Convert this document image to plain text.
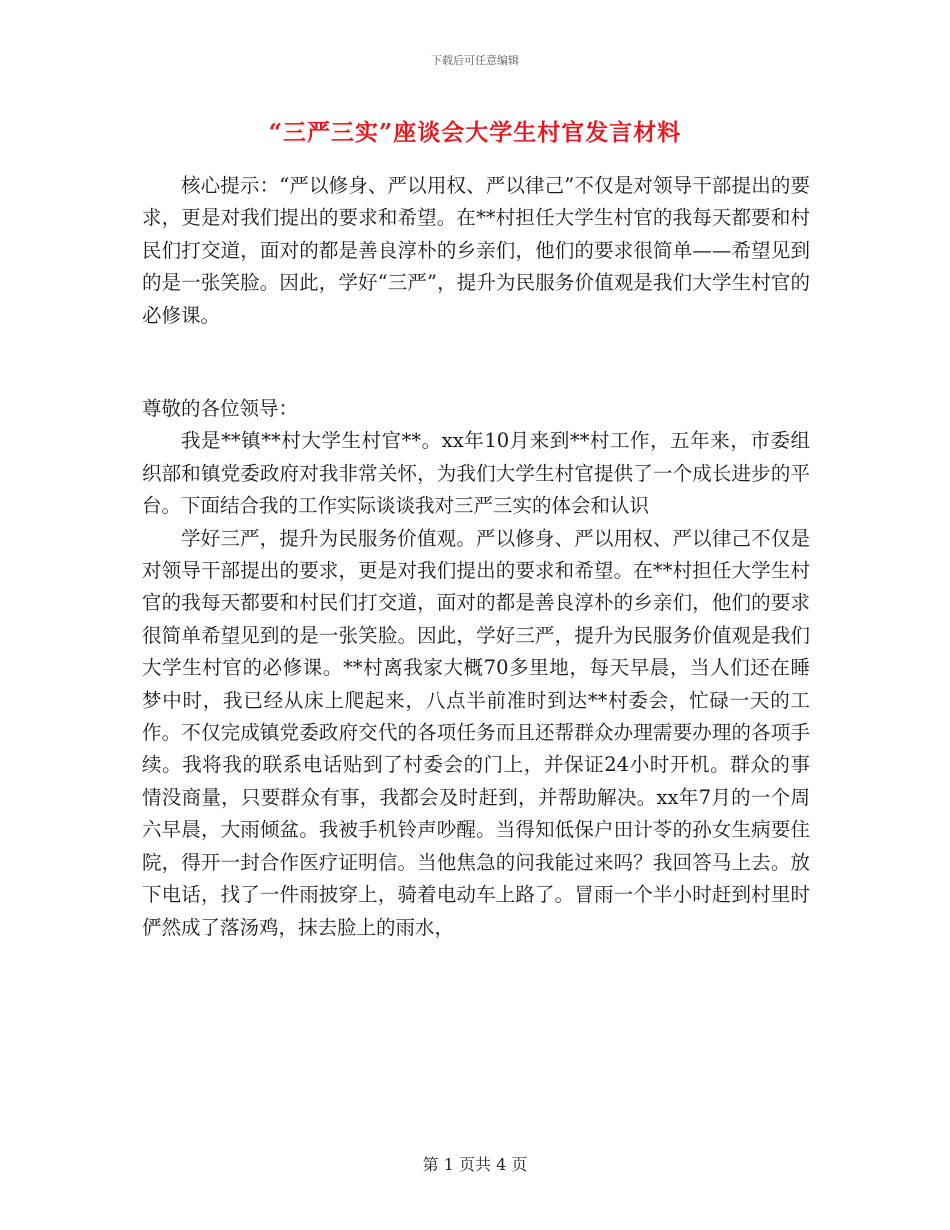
下载后可任意编辑
“三严三实”座谈会大学生村官发言材料

核心提示：“严以修身、严以用权、严以律己”不仅是对领导干部提出的要求，更是对我们提出的要求和希望。在**村担任大学生村官的我每天都要和村民们打交道，面对的都是善良淳朴的乡亲们，他们的要求很简单——希望见到的是一张笑脸。因此，学好“三严”，提升为民服务价值观是我们大学生村官的必修课。

尊敬的各位领导：

我是**镇**村大学生村官**。xx年10月来到**村工作，五年来，市委组织部和镇党委政府对我非常关怀，为我们大学生村官提供了一个成长进步的平台。下面结合我的工作实际谈谈我对三严三实的体会和认识

学好三严，提升为民服务价值观。严以修身、严以用权、严以律己不仅是对领导干部提出的要求，更是对我们提出的要求和希望。在**村担任大学生村官的我每天都要和村民们打交道，面对的都是善良淳朴的乡亲们，他们的要求很简单希望见到的是一张笑脸。因此，学好三严，提升为民服务价值观是我们大学生村官的必修课。**村离我家大概70多里地，每天早晨，当人们还在睡梦中时，我已经从床上爬起来，八点半前准时到达**村委会，忙碌一天的工作。不仅完成镇党委政府交代的各项任务而且还帮群众办理需要办理的各项手续。我将我的联系电话贴到了村委会的门上，并保证24小时开机。群众的事情没商量，只要群众有事，我都会及时赶到，并帮助解决。xx年7月的一个周六早晨，大雨倾盆。我被手机铃声吵醒。当得知低保户田计苓的孙女生病要住院，得开一封合作医疗证明信。当他焦急的问我能过来吗？我回答马上去。放下电话，找了一件雨披穿上，骑着电动车上路了。冒雨一个半小时赶到村里时俨然成了落汤鸡，抹去脸上的雨水，

第 1 页共 4 页
